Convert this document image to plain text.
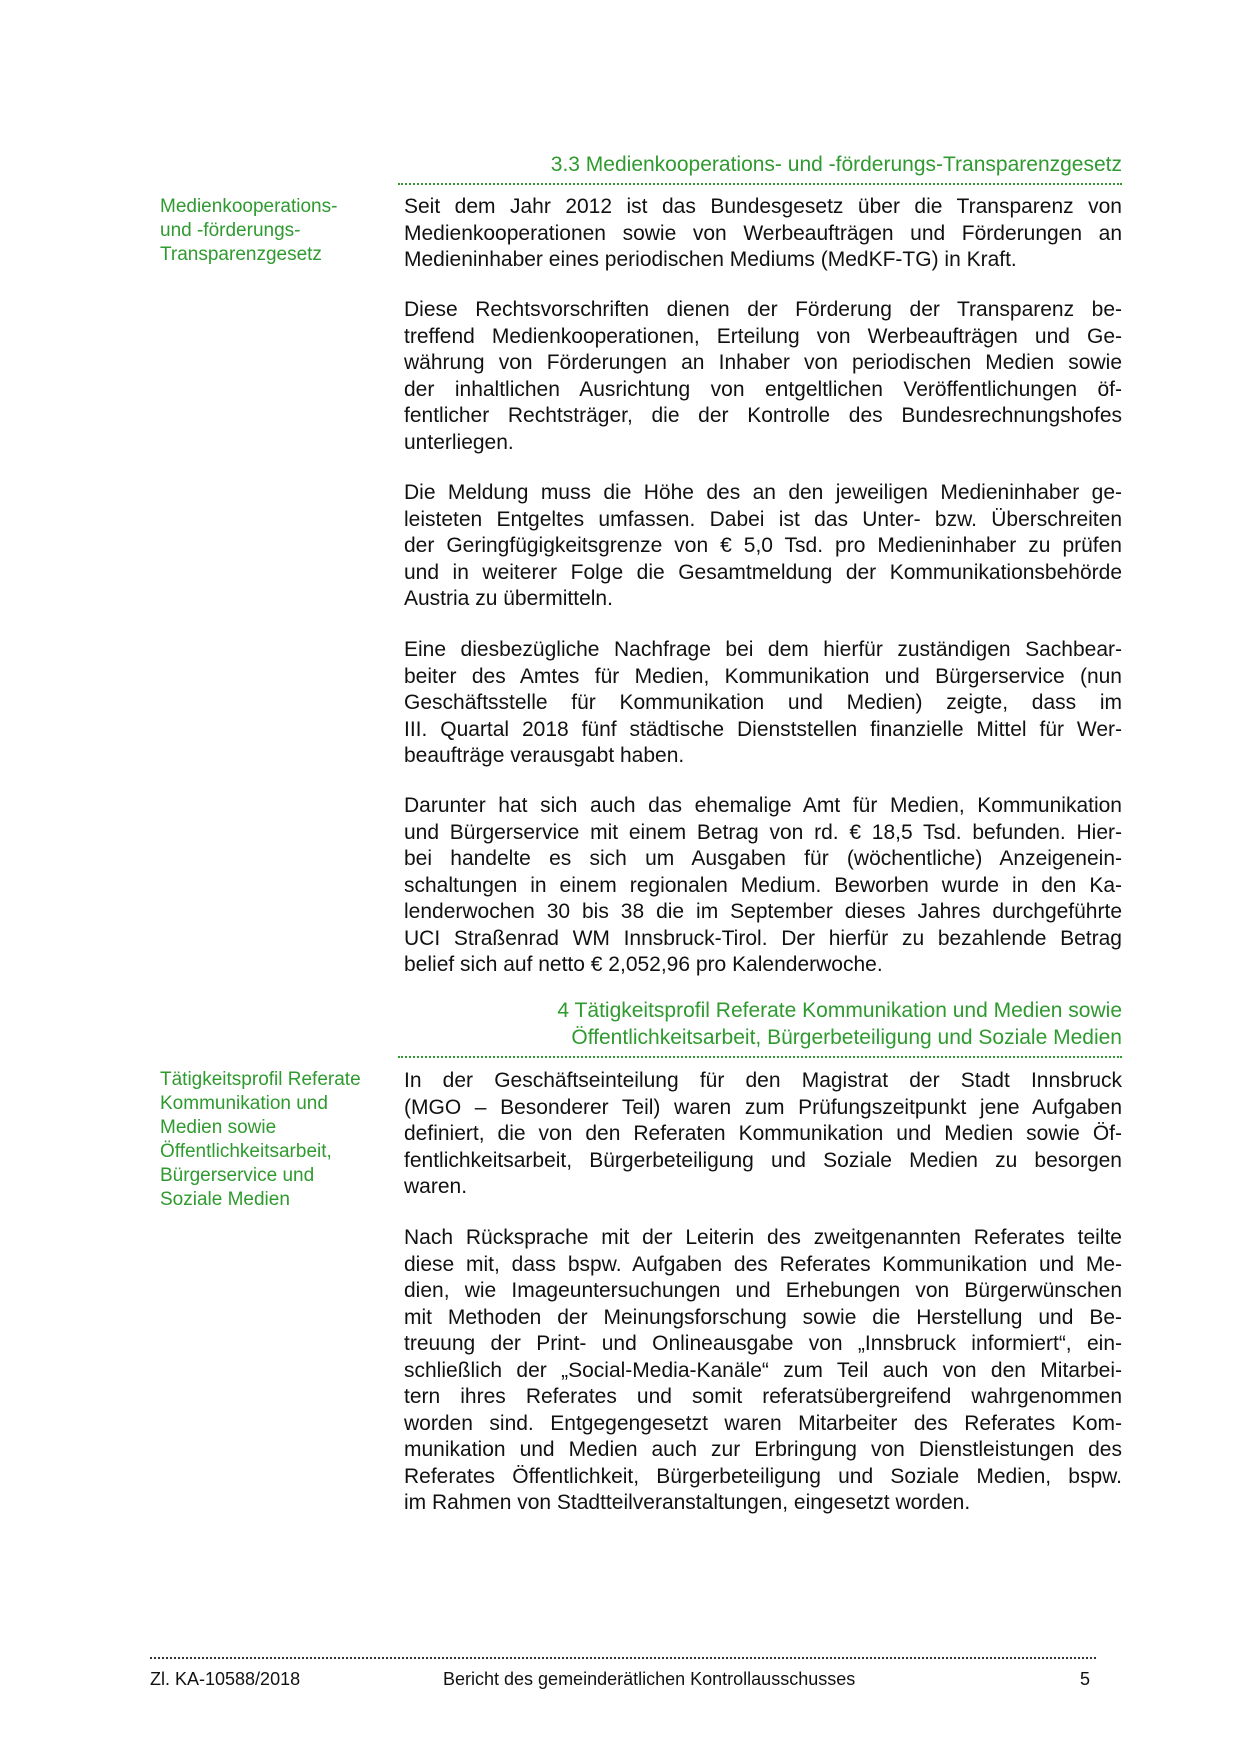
3.3 Medienkooperations- und -förderungs-Transparenzgesetz
Medienkooperations-
und -förderungs-
Transparenzgesetz
Seit dem Jahr 2012 ist das Bundesgesetz über die Transparenz von
Medienkooperationen sowie von Werbeaufträgen und Förderungen an
Medieninhaber eines periodischen Mediums (MedKF-TG) in Kraft.
Diese Rechtsvorschriften dienen der Förderung der Transparenz be-
treffend Medienkooperationen, Erteilung von Werbeaufträgen und Ge-
währung von Förderungen an Inhaber von periodischen Medien sowie
der inhaltlichen Ausrichtung von entgeltlichen Veröffentlichungen öf-
fentlicher Rechtsträger, die der Kontrolle des Bundesrechnungshofes
unterliegen.
Die Meldung muss die Höhe des an den jeweiligen Medieninhaber ge-
leisteten Entgeltes umfassen. Dabei ist das Unter- bzw. Überschreiten
der Geringfügigkeitsgrenze von € 5,0 Tsd. pro Medieninhaber zu prüfen
und in weiterer Folge die Gesamtmeldung der Kommunikationsbehörde
Austria zu übermitteln.
Eine diesbezügliche Nachfrage bei dem hierfür zuständigen Sachbear-
beiter des Amtes für Medien, Kommunikation und Bürgerservice (nun
Geschäftsstelle für Kommunikation und Medien) zeigte, dass im
III. Quartal 2018 fünf städtische Dienststellen finanzielle Mittel für Wer-
beaufträge verausgabt haben.
Darunter hat sich auch das ehemalige Amt für Medien, Kommunikation
und Bürgerservice mit einem Betrag von rd. € 18,5 Tsd. befunden. Hier-
bei handelte es sich um Ausgaben für (wöchentliche) Anzeigenein-
schaltungen in einem regionalen Medium. Beworben wurde in den Ka-
lenderwochen 30 bis 38 die im September dieses Jahres durchgeführte
UCI Straßenrad WM Innsbruck-Tirol. Der hierfür zu bezahlende Betrag
belief sich auf netto € 2,052,96 pro Kalenderwoche.
4 Tätigkeitsprofil Referate Kommunikation und Medien sowie
Öffentlichkeitsarbeit, Bürgerbeteiligung und Soziale Medien
Tätigkeitsprofil Referate
Kommunikation und
Medien sowie
Öffentlichkeitsarbeit,
Bürgerservice und
Soziale Medien
In der Geschäftseinteilung für den Magistrat der Stadt Innsbruck
(MGO – Besonderer Teil) waren zum Prüfungszeitpunkt jene Aufgaben
definiert, die von den Referaten Kommunikation und Medien sowie Öf-
fentlichkeitsarbeit, Bürgerbeteiligung und Soziale Medien zu besorgen
waren.
Nach Rücksprache mit der Leiterin des zweitgenannten Referates teilte
diese mit, dass bspw. Aufgaben des Referates Kommunikation und Me-
dien, wie Imageuntersuchungen und Erhebungen von Bürgerwünschen
mit Methoden der Meinungsforschung sowie die Herstellung und Be-
treuung der Print- und Onlineausgabe von „Innsbruck informiert“, ein-
schließlich der „Social-Media-Kanäle“ zum Teil auch von den Mitarbei-
tern ihres Referates und somit referatsübergreifend wahrgenommen
worden sind. Entgegengesetzt waren Mitarbeiter des Referates Kom-
munikation und Medien auch zur Erbringung von Dienstleistungen des
Referates Öffentlichkeit, Bürgerbeteiligung und Soziale Medien, bspw.
im Rahmen von Stadtteilveranstaltungen, eingesetzt worden.
Zl. KA-10588/2018	Bericht des gemeinderätlichen Kontrollausschusses	5
